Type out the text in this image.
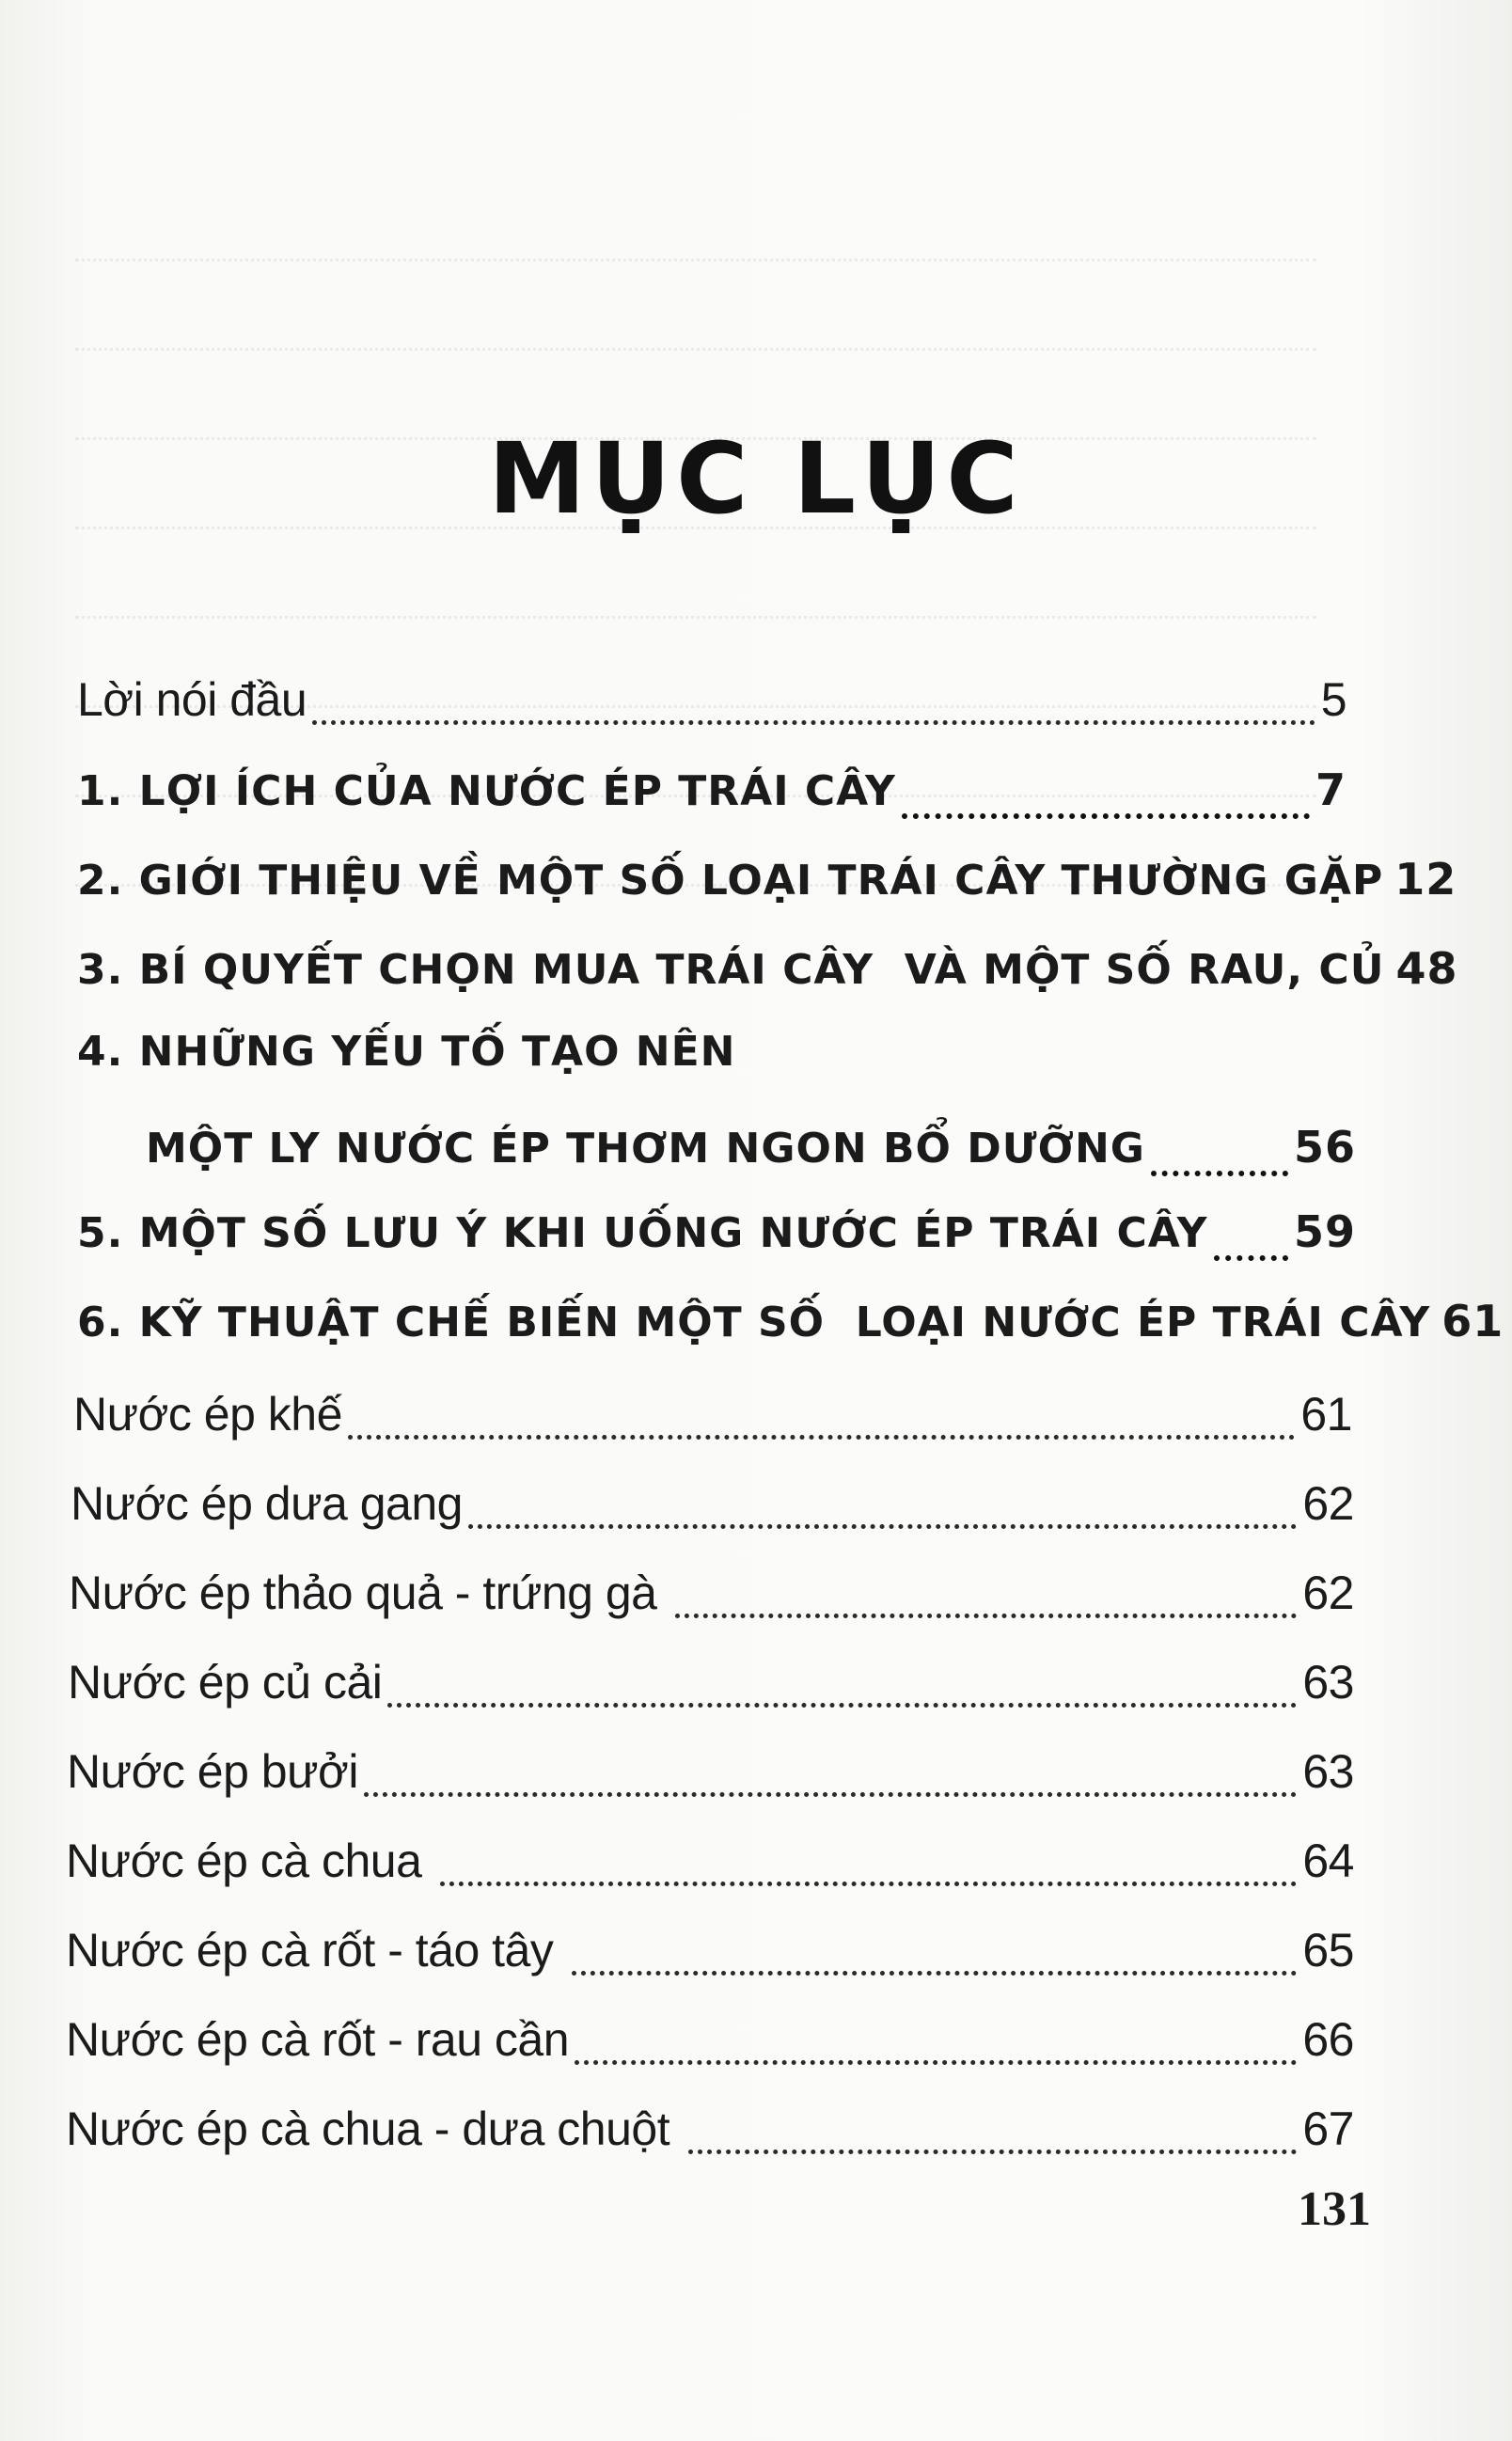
MỤC LỤC
Lời nói đầu	5
1. LỢI ÍCH CỦA NƯỚC ÉP TRÁI CÂY	7
2. GIỚI THIỆU VỀ MỘT SỐ LOẠI TRÁI CÂY THƯỜNG GẶP 12
3. BÍ QUYẾT CHỌN MUA TRÁI CÂY  VÀ MỘT SỐ RAU, CỦ 48
4. NHỮNG YẾU TỐ TẠO NÊN
MỘT LY NƯỚC ÉP THƠM NGON BỔ DƯỠNG	56
5. MỘT SỐ LƯU Ý KHI UỐNG NƯỚC ÉP TRÁI CÂY 59
6. KỸ THUẬT CHẾ BIẾN MỘT SỐ  LOẠI NƯỚC ÉP TRÁI CÂY 61
Nước ép khế	61
Nước ép dưa gang	62
Nước ép thảo quả - trứng gà	62
Nước ép củ cải	63
Nước ép bưởi	63
Nước ép cà chua	64
Nước ép cà rốt - táo tây	65
Nước ép cà rốt - rau cần	66
Nước ép cà chua - dưa chuột	67
131
